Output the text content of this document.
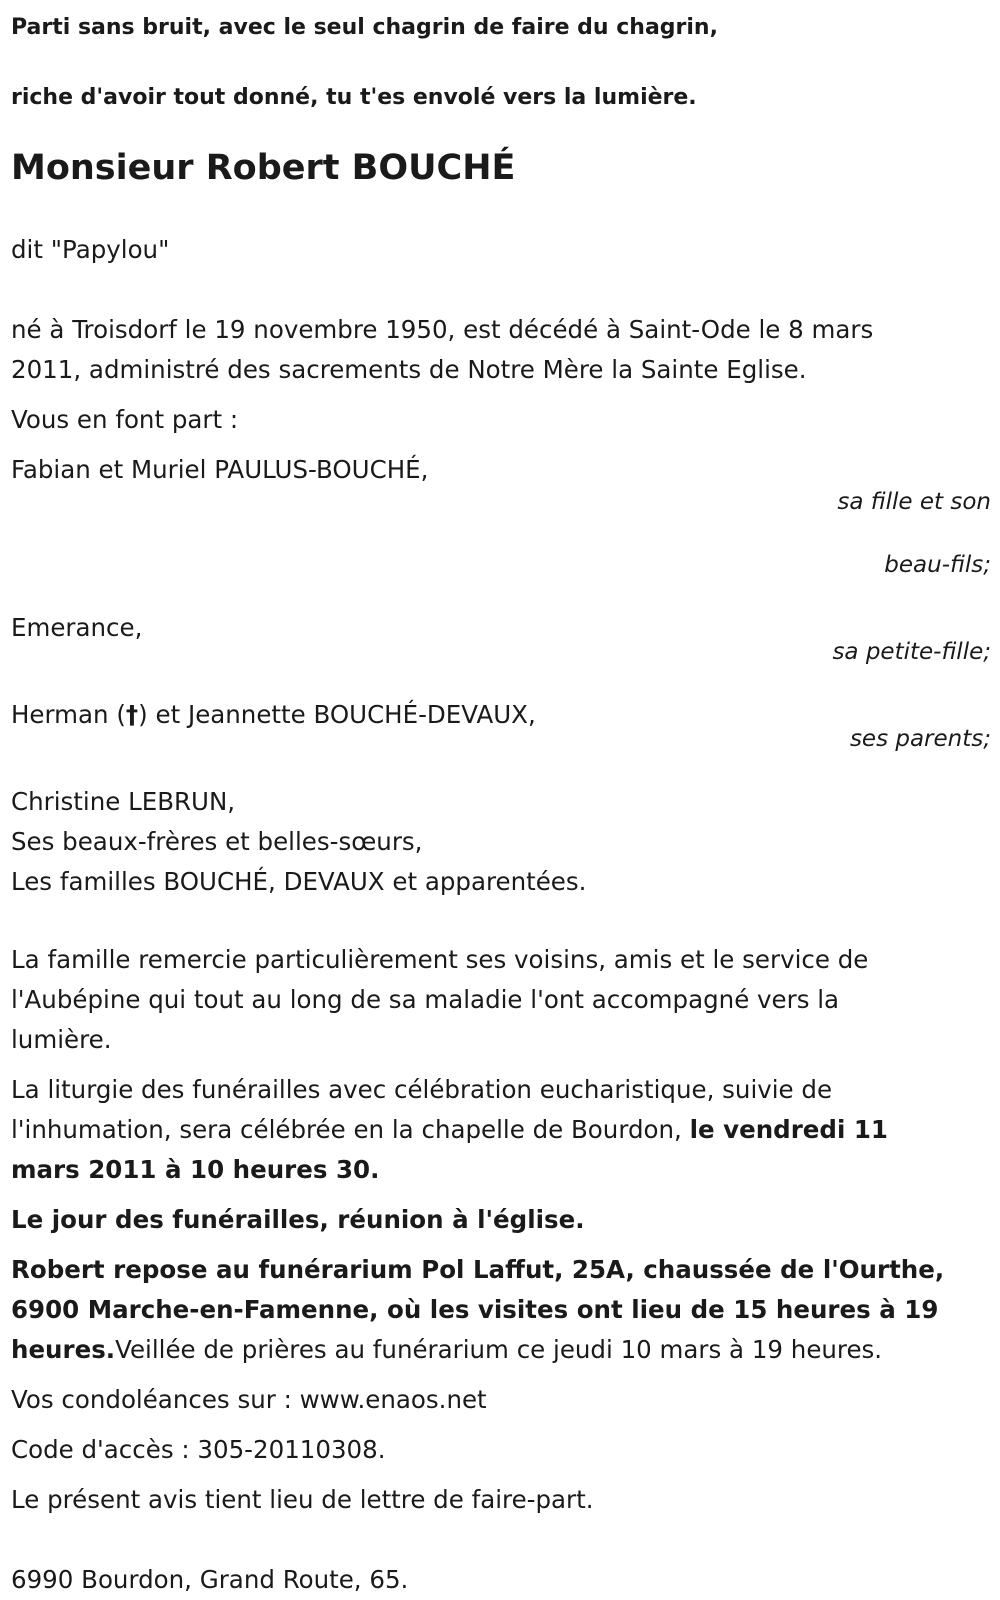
Parti sans bruit, avec le seul chagrin de faire du chagrin,

riche d'avoir tout donné, tu t'es envolé vers la lumière.

Monsieur Robert BOUCHÉ

dit "Papylou"

né à Troisdorf le 19 novembre 1950, est décédé à Saint-Ode le 8 mars

2011, administré des sacrements de Notre Mère la Sainte Eglise.

Vous en font part :

Fabian et Muriel PAULUS-BOUCHÉ,

sa fille et son

beau-fils;

Emerance,

sa petite-fille;

Herman (†) et Jeannette BOUCHÉ-DEVAUX,

ses parents;

Christine LEBRUN,

Ses beaux-frères et belles-sœurs,

Les familles BOUCHÉ, DEVAUX et apparentées.

La famille remercie particulièrement ses voisins, amis et le service de

l'Aubépine qui tout au long de sa maladie l'ont accompagné vers la

lumière.

La liturgie des funérailles avec célébration eucharistique, suivie de

l'inhumation, sera célébrée en la chapelle de Bourdon, le vendredi 11

mars 2011 à 10 heures 30.

Le jour des funérailles, réunion à l'église.

Robert repose au funérarium Pol Laffut, 25A, chaussée de l'Ourthe,

6900 Marche-en-Famenne, où les visites ont lieu de 15 heures à 19

heures.Veillée de prières au funérarium ce jeudi 10 mars à 19 heures.

Vos condoléances sur : www.enaos.net

Code d'accès : 305-20110308.

Le présent avis tient lieu de lettre de faire-part.

6990 Bourdon, Grand Route, 65.
